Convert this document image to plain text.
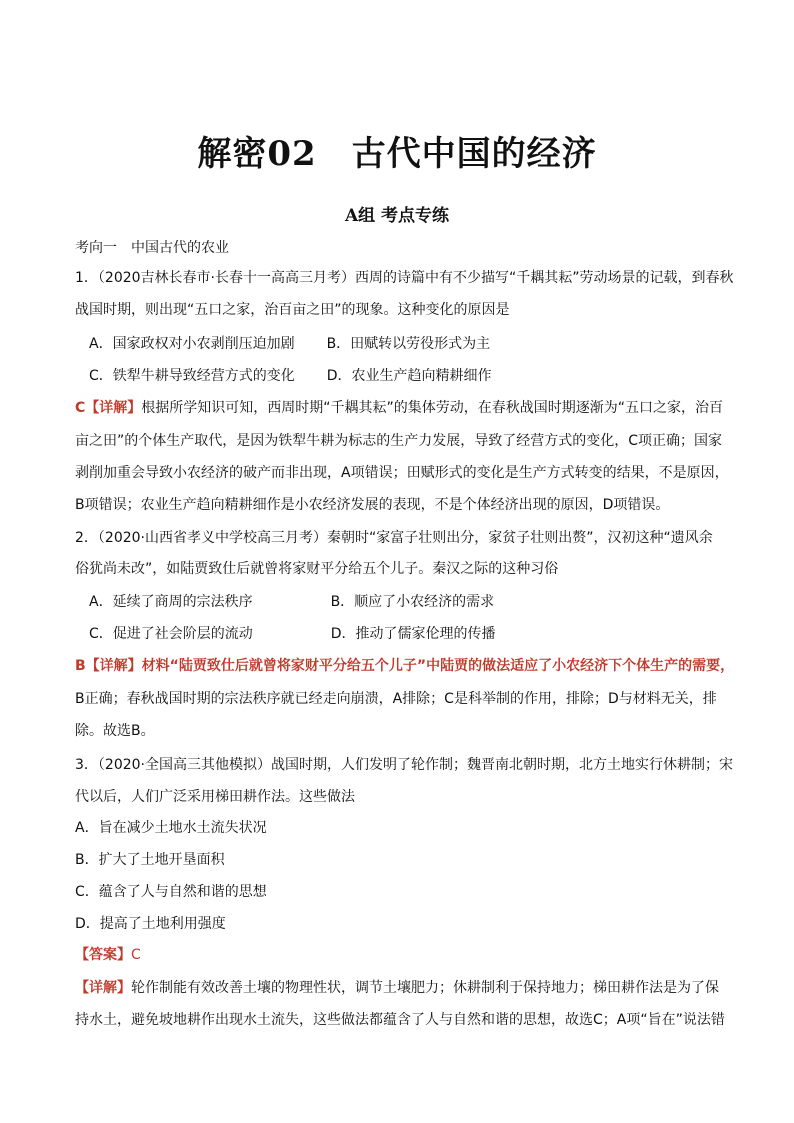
解密02　古代中国的经济
A组 考点专练
考向一　中国古代的农业
1．（2020吉林长春市·长春十一高高三月考）西周的诗篇中有不少描写“千耦其耘”劳动场景的记载，到春秋
战国时期，则出现“五口之家，治百亩之田”的现象。这种变化的原因是
A．国家政权对小农剥削压迫加剧 B．田赋转以劳役形式为主
C．铁犁牛耕导致经营方式的变化 D．农业生产趋向精耕细作
C【详解】根据所学知识可知，西周时期“千耦其耘”的集体劳动，在春秋战国时期逐渐为“五口之家，治百
亩之田”的个体生产取代，是因为铁犁牛耕为标志的生产力发展，导致了经营方式的变化，C项正确；国家
剥削加重会导致小农经济的破产而非出现，A项错误；田赋形式的变化是生产方式转变的结果，不是原因，
B项错误；农业生产趋向精耕细作是小农经济发展的表现，不是个体经济出现的原因，D项错误。
2．（2020·山西省孝义中学校高三月考）秦朝时“家富子壮则出分，家贫子壮则出赘”，汉初这种“遗风余
俗犹尚未改”，如陆贾致仕后就曾将家财平分给五个儿子。秦汉之际的这种习俗
A．延续了商周的宗法秩序	B．顺应了小农经济的需求
C．促进了社会阶层的流动	D．推动了儒家伦理的传播
B【详解】材料“陆贾致仕后就曾将家财平分给五个儿子”中陆贾的做法适应了小农经济下个体生产的需要，
B正确；春秋战国时期的宗法秩序就已经走向崩溃，A排除；C是科举制的作用，排除；D与材料无关，排
除。故选B。
3．（2020·全国高三其他模拟）战国时期，人们发明了轮作制；魏晋南北朝时期，北方土地实行休耕制；宋
代以后，人们广泛采用梯田耕作法。这些做法
A．旨在减少土地水土流失状况
B．扩大了土地开垦面积
C．蕴含了人与自然和谐的思想
D．提高了土地利用强度
【答案】C
【详解】轮作制能有效改善土壤的物理性状，调节土壤肥力；休耕制利于保持地力；梯田耕作法是为了保
持水土，避免坡地耕作出现水土流失，这些做法都蕴含了人与自然和谐的思想，故选C；A项“旨在”说法错
